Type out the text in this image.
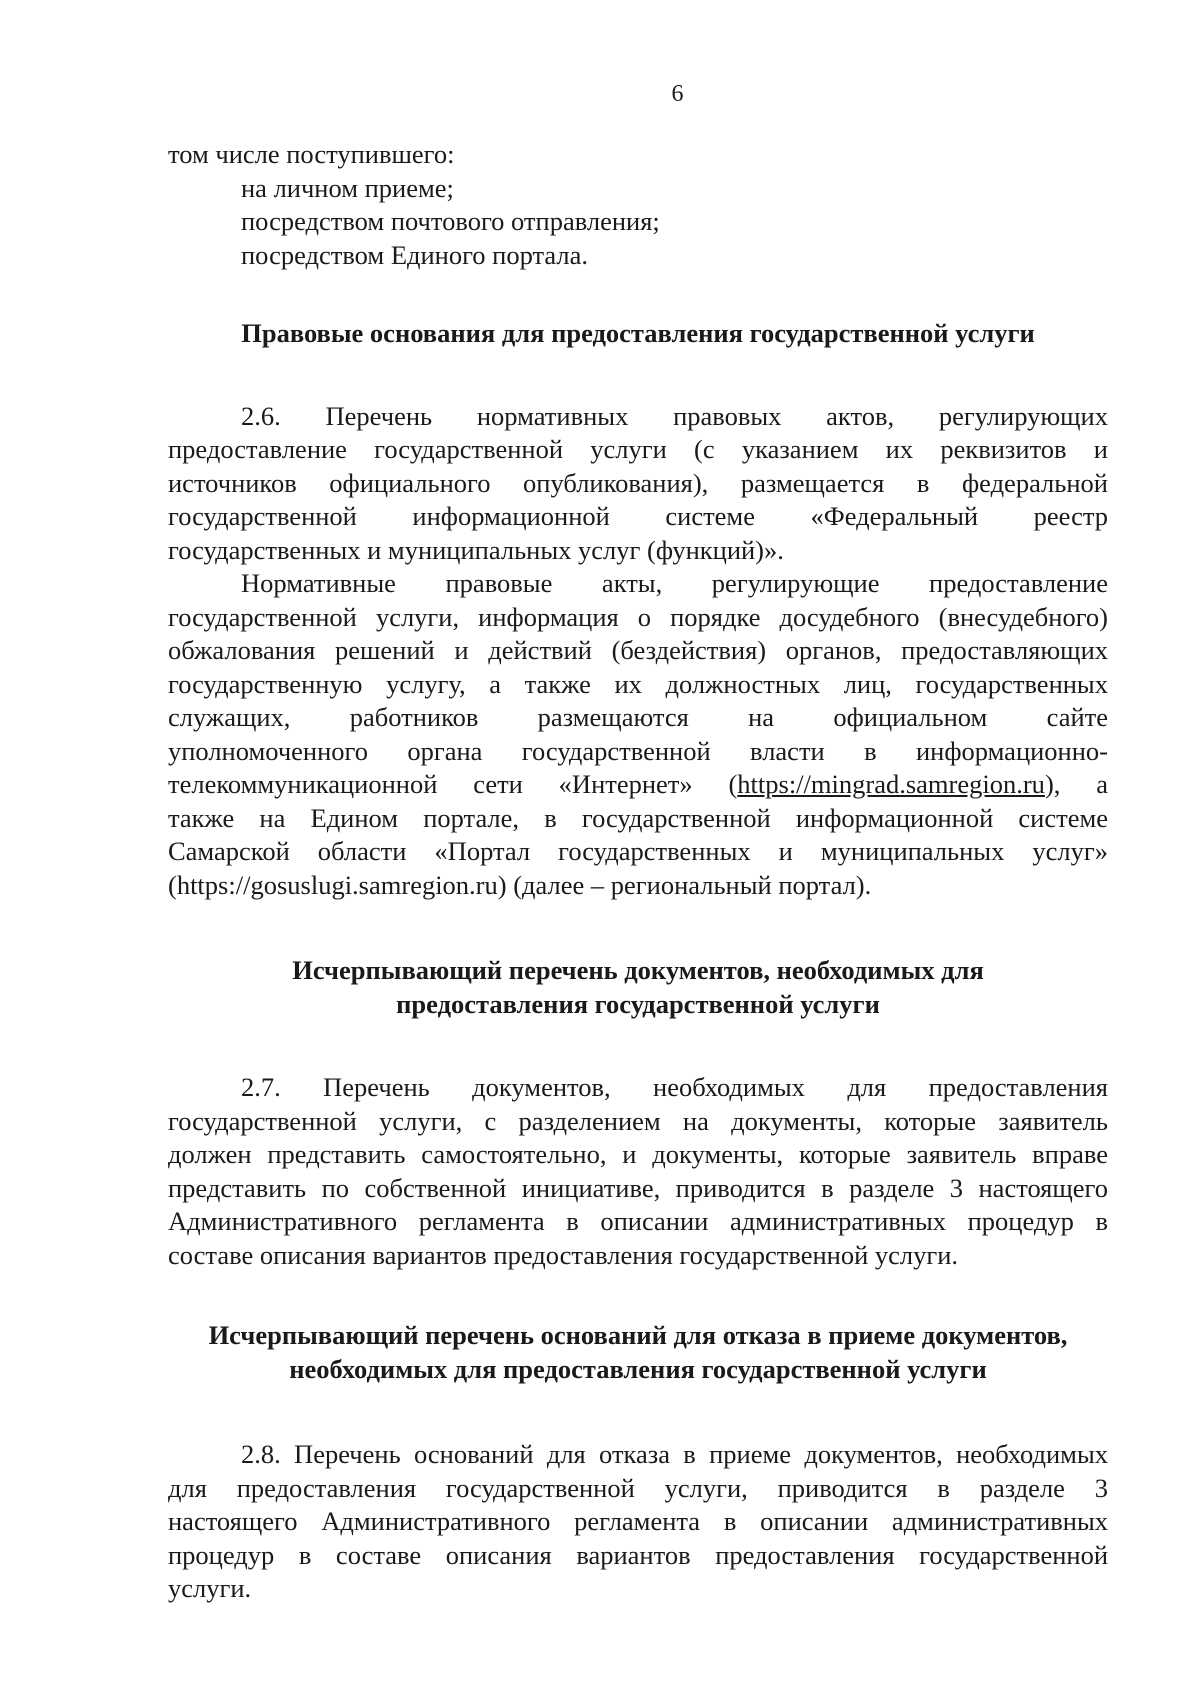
6
том числе поступившего:
на личном приеме;
посредством почтового отправления;
посредством Единого портала.
Правовые основания для предоставления государственной услуги
2.6. Перечень нормативных правовых актов, регулирующих
предоставление государственной услуги (с указанием их реквизитов и
источников официального опубликования), размещается в федеральной
государственной информационной системе «Федеральный реестр
государственных и муниципальных услуг (функций)».
Нормативные правовые акты, регулирующие предоставление
государственной услуги, информация о порядке досудебного (внесудебного)
обжалования решений и действий (бездействия) органов, предоставляющих
государственную услугу, а также их должностных лиц, государственных
служащих, работников размещаются на официальном сайте
уполномоченного органа государственной власти в информационно-
телекоммуникационной сети «Интернет» (https://mingrad.samregion.ru), а
также на Едином портале, в государственной информационной системе
Самарской области «Портал государственных и муниципальных услуг»
(https://gosuslugi.samregion.ru) (далее – региональный портал).
Исчерпывающий перечень документов, необходимых для
предоставления государственной услуги
2.7. Перечень документов, необходимых для предоставления
государственной услуги, с разделением на документы, которые заявитель
должен представить самостоятельно, и документы, которые заявитель вправе
представить по собственной инициативе, приводится в разделе 3 настоящего
Административного регламента в описании административных процедур в
составе описания вариантов предоставления государственной услуги.
Исчерпывающий перечень оснований для отказа в приеме документов,
необходимых для предоставления государственной услуги
2.8. Перечень оснований для отказа в приеме документов, необходимых
для предоставления государственной услуги, приводится в разделе 3
настоящего Административного регламента в описании административных
процедур в составе описания вариантов предоставления государственной
услуги.
